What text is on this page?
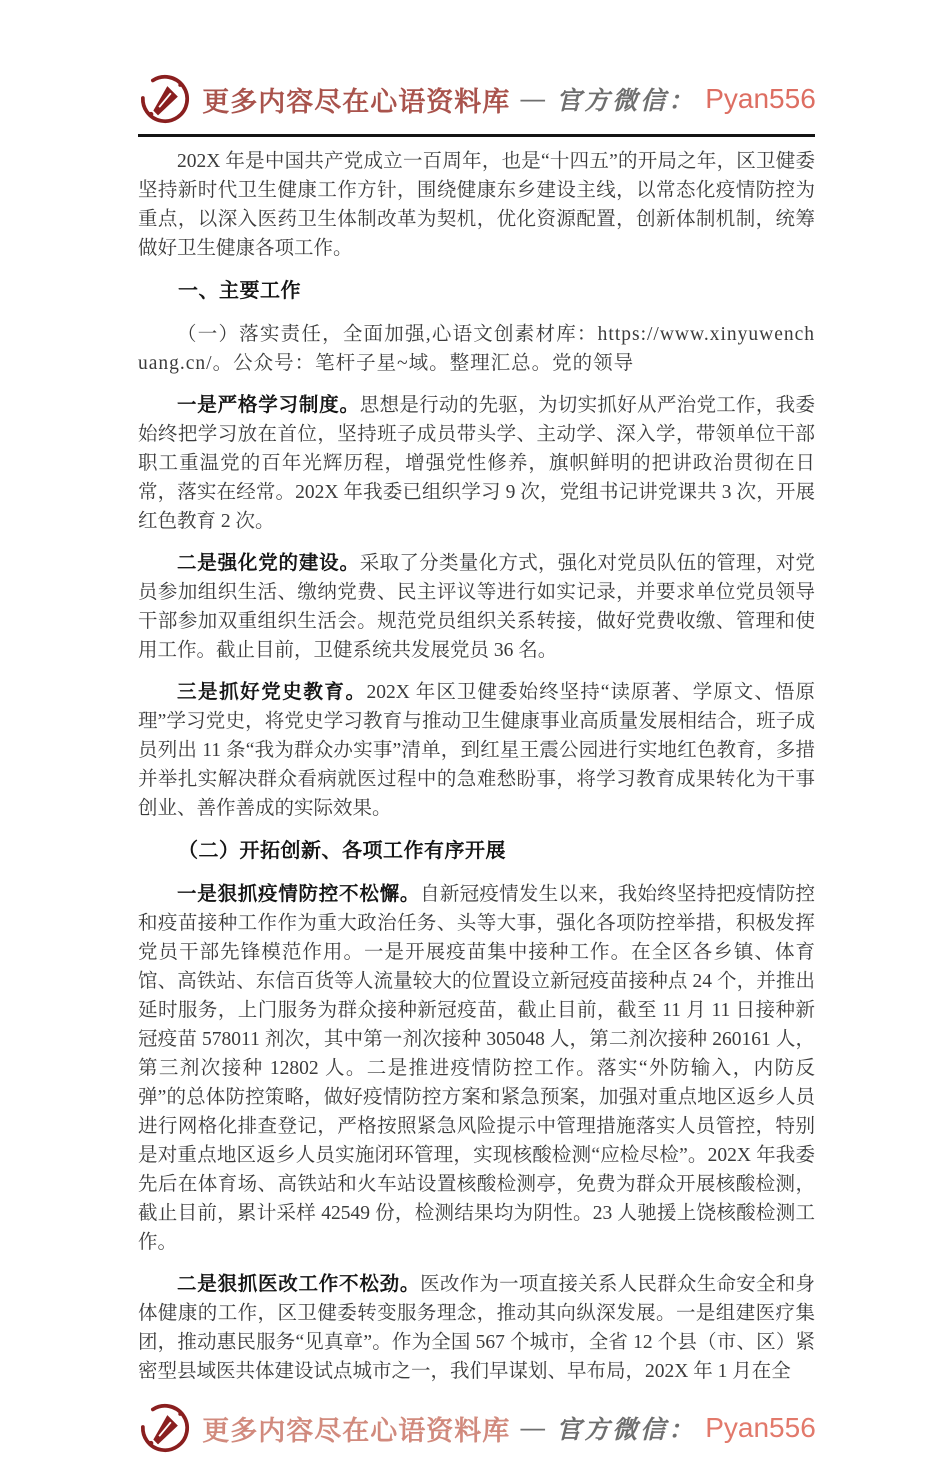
更多内容尽在心语资料库 — 官方微信： Pyan556

202X 年是中国共产党成立一百周年，也是“十四五”的开局之年，区卫健委坚持新时代卫生健康工作方针，围绕健康东乡建设主线，以常态化疫情防控为重点，以深入医药卫生体制改革为契机，优化资源配置，创新体制机制，统筹做好卫生健康各项工作。

一、主要工作

（一）落实责任，全面加强,心语文创素材库：https://www.xinyuwenchuang.cn/。公众号：笔杆子星~域。整理汇总。党的领导

一是严格学习制度。思想是行动的先驱，为切实抓好从严治党工作，我委始终把学习放在首位，坚持班子成员带头学、主动学、深入学，带领单位干部职工重温党的百年光辉历程，增强党性修养，旗帜鲜明的把讲政治贯彻在日常，落实在经常。202X 年我委已组织学习 9 次，党组书记讲党课共 3 次，开展红色教育 2 次。

二是强化党的建设。采取了分类量化方式，强化对党员队伍的管理，对党员参加组织生活、缴纳党费、民主评议等进行如实记录，并要求单位党员领导干部参加双重组织生活会。规范党员组织关系转接，做好党费收缴、管理和使用工作。截止目前，卫健系统共发展党员 36 名。

三是抓好党史教育。202X 年区卫健委始终坚持“读原著、学原文、悟原理”学习党史，将党史学习教育与推动卫生健康事业高质量发展相结合，班子成员列出 11 条“我为群众办实事”清单，到红星王震公园进行实地红色教育，多措并举扎实解决群众看病就医过程中的急难愁盼事，将学习教育成果转化为干事创业、善作善成的实际效果。

（二）开拓创新、各项工作有序开展

一是狠抓疫情防控不松懈。自新冠疫情发生以来，我始终坚持把疫情防控和疫苗接种工作作为重大政治任务、头等大事，强化各项防控举措，积极发挥党员干部先锋模范作用。一是开展疫苗集中接种工作。在全区各乡镇、体育馆、高铁站、东信百货等人流量较大的位置设立新冠疫苗接种点 24 个，并推出延时服务，上门服务为群众接种新冠疫苗，截止目前，截至 11 月 11 日接种新冠疫苗 578011 剂次，其中第一剂次接种 305048 人，第二剂次接种 260161 人，第三剂次接种 12802 人。二是推进疫情防控工作。落实“外防输入，内防反弹”的总体防控策略，做好疫情防控方案和紧急预案，加强对重点地区返乡人员进行网格化排查登记，严格按照紧急风险提示中管理措施落实人员管控，特别是对重点地区返乡人员实施闭环管理，实现核酸检测“应检尽检”。202X 年我委先后在体育场、高铁站和火车站设置核酸检测亭，免费为群众开展核酸检测，截止目前，累计采样 42549 份，检测结果均为阴性。23 人驰援上饶核酸检测工作。

二是狠抓医改工作不松劲。医改作为一项直接关系人民群众生命安全和身体健康的工作，区卫健委转变服务理念，推动其向纵深发展。一是组建医疗集团，推动惠民服务“见真章”。作为全国 567 个城市，全省 12 个县（市、区）紧密型县域医共体建设试点城市之一，我们早谋划、早布局，202X 年 1 月在全

更多内容尽在心语资料库 — 官方微信： Pyan556
